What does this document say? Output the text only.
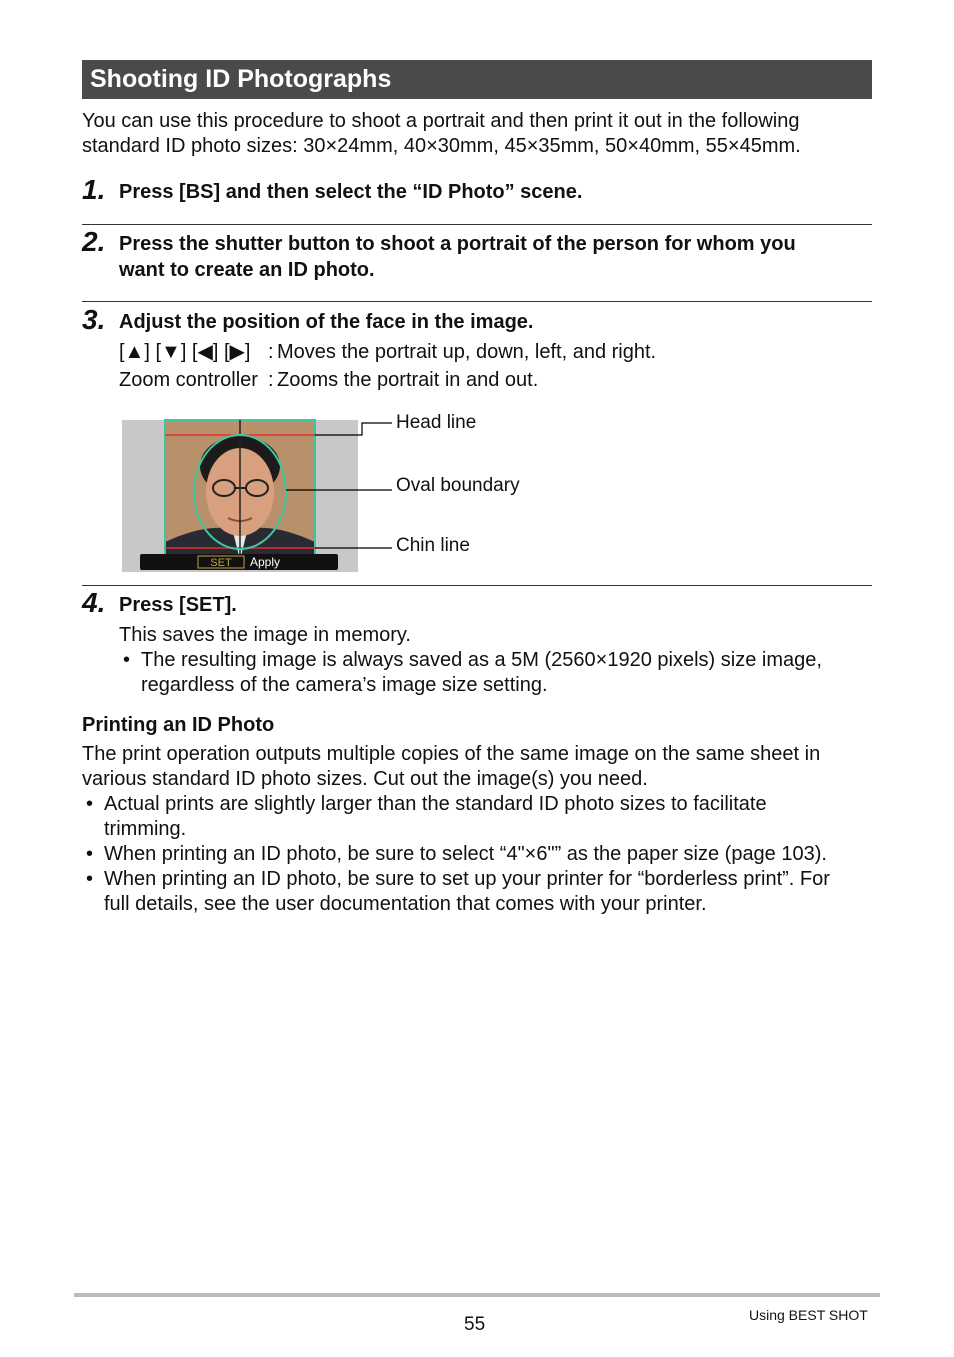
Shooting ID Photographs
You can use this procedure to shoot a portrait and then print it out in the following
standard ID photo sizes: 30×24mm, 40×30mm, 45×35mm, 50×40mm, 55×45mm.
1. Press [BS] and then select the “ID Photo” scene.
2. Press the shutter button to shoot a portrait of the person for whom you
want to create an ID photo.
3. Adjust the position of the face in the image.
[▲] [▼] [◀] [▶] : Moves the portrait up, down, left, and right.
Zoom controller : Zooms the portrait in and out.
SET Apply
Head line
Oval boundary
Chin line
4. Press [SET].
This saves the image in memory.
• The resulting image is always saved as a 5M (2560×1920 pixels) size image,
regardless of the camera’s image size setting.
Printing an ID Photo
The print operation outputs multiple copies of the same image on the same sheet in
various standard ID photo sizes. Cut out the image(s) you need.
• Actual prints are slightly larger than the standard ID photo sizes to facilitate
trimming.
• When printing an ID photo, be sure to select “4"×6"” as the paper size (page 103).
• When printing an ID photo, be sure to set up your printer for “borderless print”. For
full details, see the user documentation that comes with your printer.
55	Using BEST SHOT
